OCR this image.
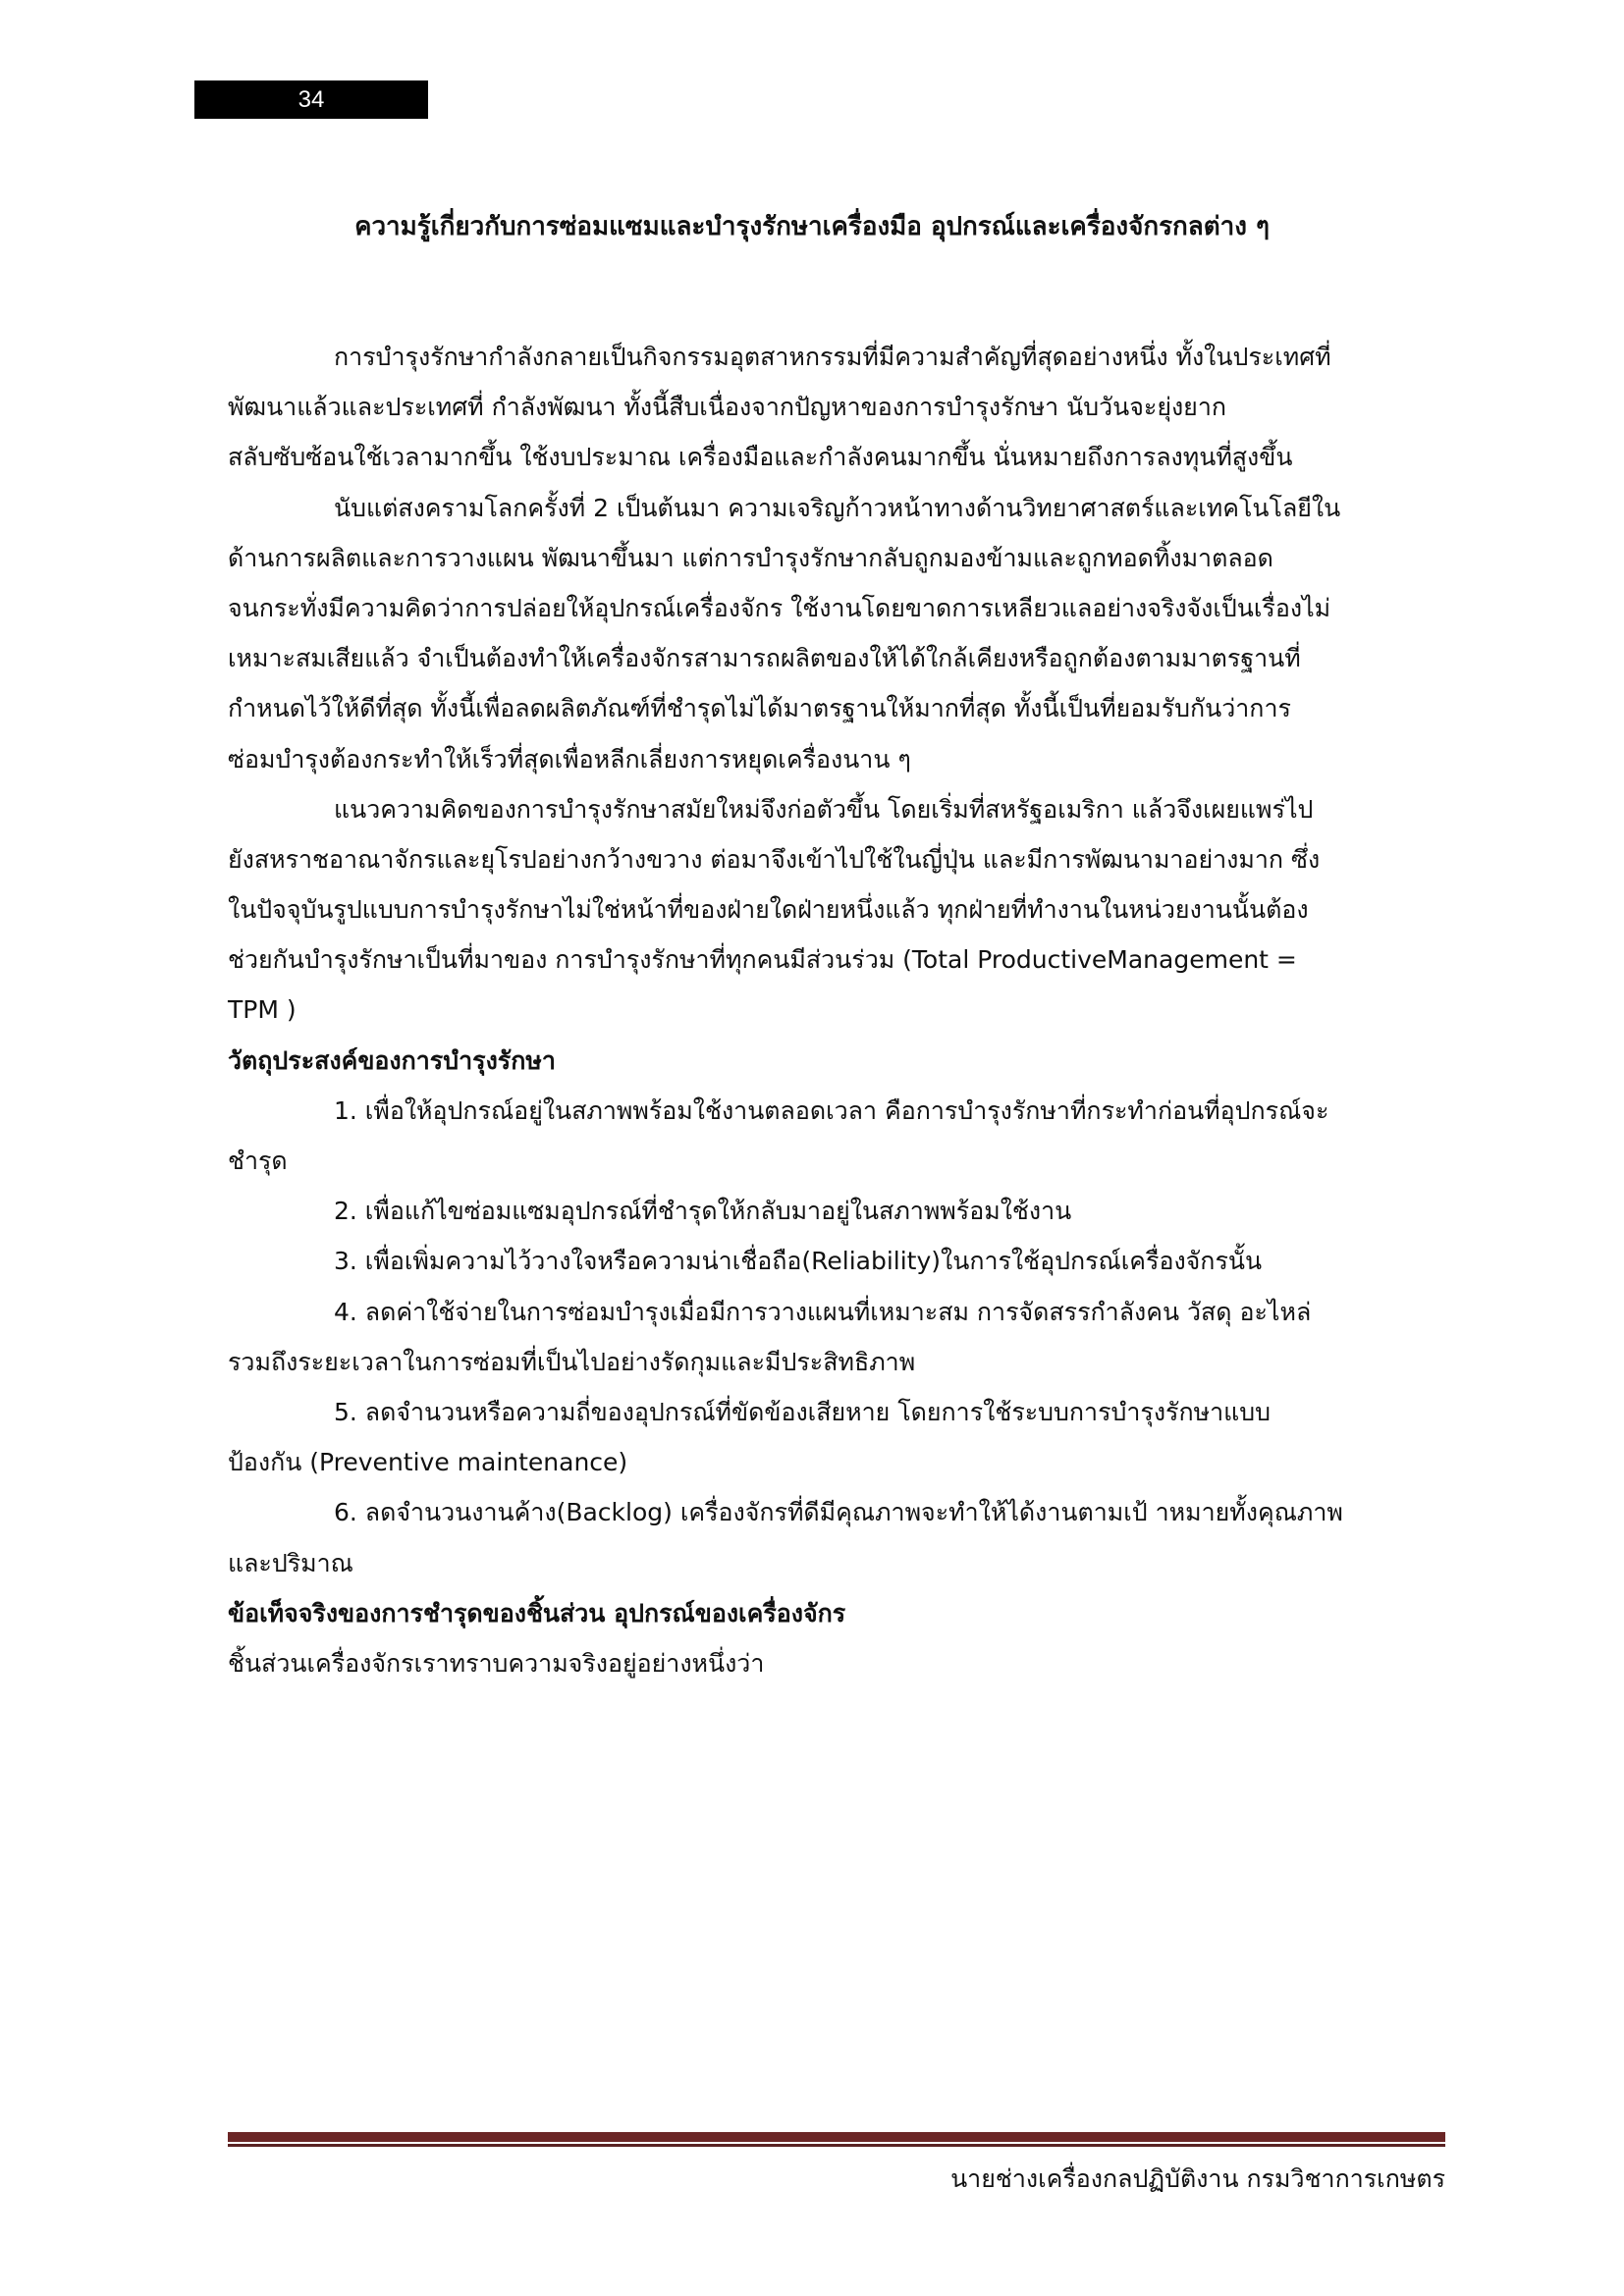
34
ความรู้เกี่ยวกับการซ่อมแซมและบำรุงรักษาเครื่องมือ อุปกรณ์และเครื่องจักรกลต่าง ๆ
การบำรุงรักษากำลังกลายเป็นกิจกรรมอุตสาหกรรมที่มีความสำคัญที่สุดอย่างหนึ่ง ทั้งในประเทศที่
พัฒนาแล้วและประเทศที่ กำลังพัฒนา ทั้งนี้สืบเนื่องจากปัญหาของการบำรุงรักษา นับวันจะยุ่งยาก
สลับซับซ้อนใช้เวลามากขึ้น ใช้งบประมาณ เครื่องมือและกำลังคนมากขึ้น นั่นหมายถึงการลงทุนที่สูงขึ้น
นับแต่สงครามโลกครั้งที่ 2 เป็นต้นมา ความเจริญก้าวหน้าทางด้านวิทยาศาสตร์และเทคโนโลยีใน
ด้านการผลิตและการวางแผน พัฒนาขึ้นมา แต่การบำรุงรักษากลับถูกมองข้ามและถูกทอดทิ้งมาตลอด
จนกระทั่งมีความคิดว่าการปล่อยให้อุปกรณ์เครื่องจักร ใช้งานโดยขาดการเหลียวแลอย่างจริงจังเป็นเรื่องไม่
เหมาะสมเสียแล้ว จำเป็นต้องทำให้เครื่องจักรสามารถผลิตของให้ได้ใกล้เคียงหรือถูกต้องตามมาตรฐานที่
กำหนดไว้ให้ดีที่สุด ทั้งนี้เพื่อลดผลิตภัณฑ์ที่ชำรุดไม่ได้มาตรฐานให้มากที่สุด ทั้งนี้เป็นที่ยอมรับกันว่าการ
ซ่อมบำรุงต้องกระทำให้เร็วที่สุดเพื่อหลีกเลี่ยงการหยุดเครื่องนาน ๆ
แนวความคิดของการบำรุงรักษาสมัยใหม่จึงก่อตัวขึ้น โดยเริ่มที่สหรัฐอเมริกา แล้วจึงเผยแพร่ไป
ยังสหราชอาณาจักรและยุโรปอย่างกว้างขวาง ต่อมาจึงเข้าไปใช้ในญี่ปุ่น และมีการพัฒนามาอย่างมาก ซึ่ง
ในปัจจุบันรูปแบบการบำรุงรักษาไม่ใช่หน้าที่ของฝ่ายใดฝ่ายหนึ่งแล้ว ทุกฝ่ายที่ทำงานในหน่วยงานนั้นต้อง
ช่วยกันบำรุงรักษาเป็นที่มาของ การบำรุงรักษาที่ทุกคนมีส่วนร่วม (Total ProductiveManagement =
TPM )
วัตถุประสงค์ของการบำรุงรักษา
1. เพื่อให้อุปกรณ์อยู่ในสภาพพร้อมใช้งานตลอดเวลา คือการบำรุงรักษาที่กระทำก่อนที่อุปกรณ์จะ
ชำรุด
2. เพื่อแก้ไขซ่อมแซมอุปกรณ์ที่ชำรุดให้กลับมาอยู่ในสภาพพร้อมใช้งาน
3. เพื่อเพิ่มความไว้วางใจหรือความน่าเชื่อถือ(Reliability)ในการใช้อุปกรณ์เครื่องจักรนั้น
4. ลดค่าใช้จ่ายในการซ่อมบำรุงเมื่อมีการวางแผนที่เหมาะสม การจัดสรรกำลังคน วัสดุ อะไหล่
รวมถึงระยะเวลาในการซ่อมที่เป็นไปอย่างรัดกุมและมีประสิทธิภาพ
5. ลดจำนวนหรือความถี่ของอุปกรณ์ที่ขัดข้องเสียหาย โดยการใช้ระบบการบำรุงรักษาแบบ
ป้องกัน (Preventive maintenance)
6. ลดจำนวนงานค้าง(Backlog) เครื่องจักรที่ดีมีคุณภาพจะทำให้ได้งานตามเป้ าหมายทั้งคุณภาพ
และปริมาณ
ข้อเท็จจริงของการชำรุดของชิ้นส่วน อุปกรณ์ของเครื่องจักร
ชิ้นส่วนเครื่องจักรเราทราบความจริงอยู่อย่างหนึ่งว่า
นายช่างเครื่องกลปฏิบัติงาน กรมวิชาการเกษตร
